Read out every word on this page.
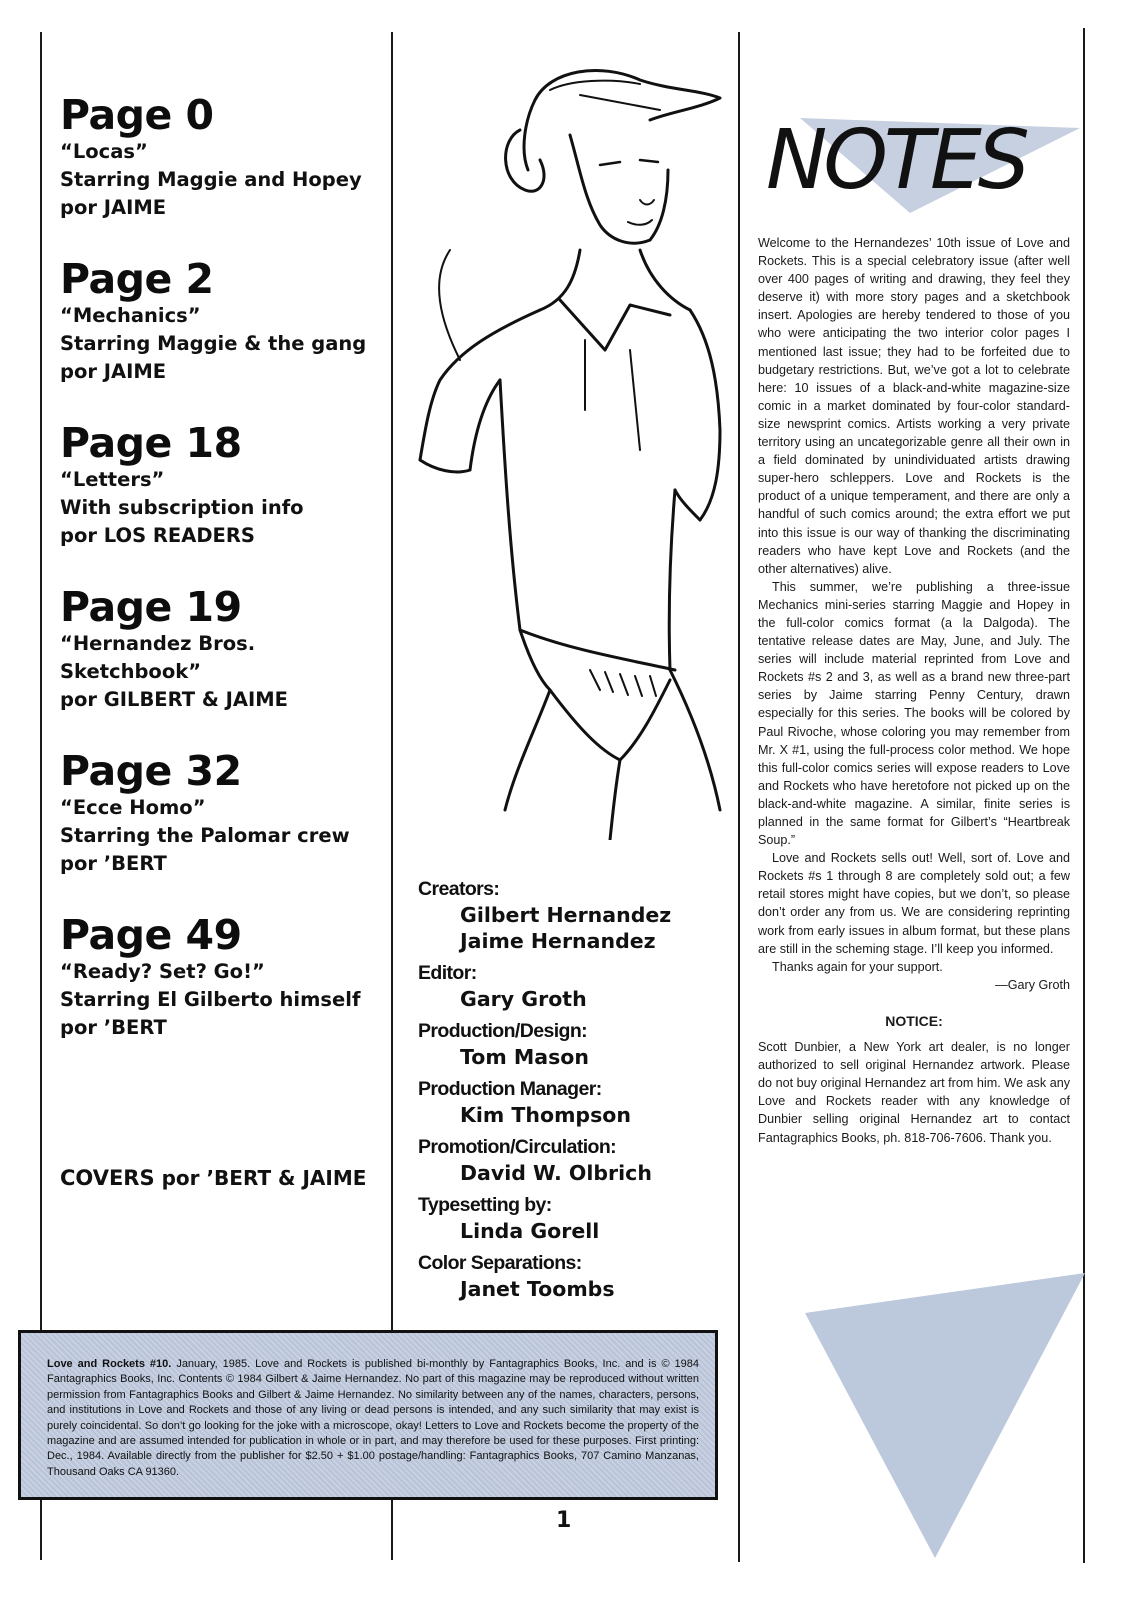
Page 0
“Locas”
Starring Maggie and Hopey
por JAIME
Page 2
“Mechanics”
Starring Maggie & the gang
por JAIME
Page 18
“Letters”
With subscription info
por LOS READERS
Page 19
“Hernandez Bros.
Sketchbook”
por GILBERT & JAIME
Page 32
“Ecce Homo”
Starring the Palomar crew
por ’BERT
Page 49
“Ready? Set? Go!”
Starring El Gilberto himself
por ’BERT
COVERS por ’BERT & JAIME
Creators:
Gilbert Hernandez
Jaime Hernandez
Editor:
Gary Groth
Production/Design:
Tom Mason
Production Manager:
Kim Thompson
Promotion/Circulation:
David W. Olbrich
Typesetting by:
Linda Gorell
Color Separations:
Janet Toombs
NOTES

Welcome to the Hernandezes’ 10th issue of Love and Rockets. This is a special celebratory issue (after well over 400 pages of writing and drawing, they feel they deserve it) with more story pages and a sketchbook insert. Apologies are hereby tendered to those of you who were anticipating the two interior color pages I mentioned last issue; they had to be forfeited due to budgetary restrictions. But, we’ve got a lot to celebrate here: 10 issues of a black-and-white magazine-size comic in a market dominated by four-color standard-size newsprint comics. Artists working a very private territory using an uncategorizable genre all their own in a field dominated by unindividuated artists drawing super-hero schleppers. Love and Rockets is the product of a unique temperament, and there are only a handful of such comics around; the extra effort we put into this issue is our way of thanking the discriminating readers who have kept Love and Rockets (and the other alternatives) alive.

This summer, we’re publishing a three-issue Mechanics mini-series starring Maggie and Hopey in the full-color comics format (a la Dalgoda). The tentative release dates are May, June, and July. The series will include material reprinted from Love and Rockets #s 2 and 3, as well as a brand new three-part series by Jaime starring Penny Century, drawn especially for this series. The books will be colored by Paul Rivoche, whose coloring you may remember from Mr. X #1, using the full-process color method. We hope this full-color comics series will expose readers to Love and Rockets who have heretofore not picked up on the black-and-white magazine. A similar, finite series is planned in the same format for Gilbert’s “Heartbreak Soup.”

Love and Rockets sells out! Well, sort of. Love and Rockets #s 1 through 8 are completely sold out; a few retail stores might have copies, but we don’t, so please don’t order any from us. We are considering reprinting work from early issues in album format, but these plans are still in the scheming stage. I’ll keep you informed.

Thanks again for your support.

—Gary Groth

NOTICE:

Scott Dunbier, a New York art dealer, is no longer authorized to sell original Hernandez artwork. Please do not buy original Hernandez art from him. We ask any Love and Rockets reader with any knowledge of Dunbier selling original Hernandez art to contact Fantagraphics Books, ph. 818-706-7606. Thank you.

Love and Rockets #10. January, 1985. Love and Rockets is published bi-monthly by Fantagraphics Books, Inc. and is © 1984 Fantagraphics Books, Inc. Contents © 1984 Gilbert & Jaime Hernandez. No part of this magazine may be reproduced without written permission from Fantagraphics Books and Gilbert & Jaime Hernandez. No similarity between any of the names, characters, persons, and institutions in Love and Rockets and those of any living or dead persons is intended, and any such similarity that may exist is purely coincidental. So don’t go looking for the joke with a microscope, okay! Letters to Love and Rockets become the property of the magazine and are assumed intended for publication in whole or in part, and may therefore be used for these purposes. First printing: Dec., 1984. Available directly from the publisher for $2.50 + $1.00 postage/handling: Fantagraphics Books, 707 Camino Manzanas, Thousand Oaks CA 91360.
1
